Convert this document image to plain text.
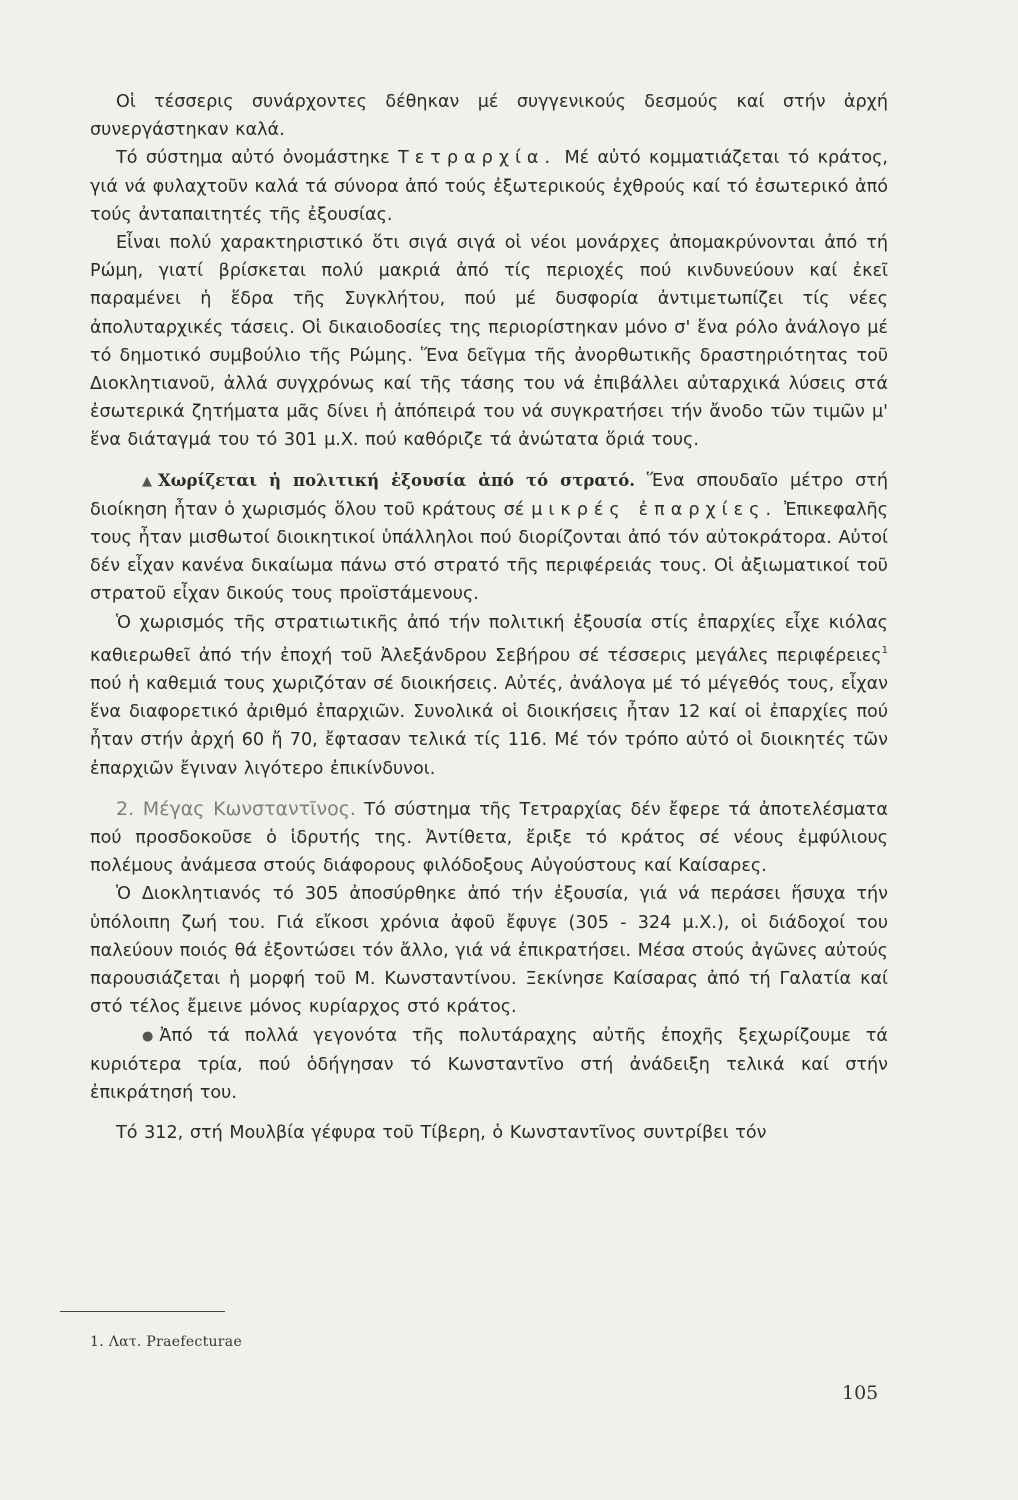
Οἱ τέσσερις συνάρχοντες δέθηκαν μέ συγγενικούς δεσμούς καί στήν ἀρχή συνεργάστηκαν καλά.

Τό σύστημα αὐτό ὀνομάστηκε Τετραρχία. Μέ αὐτό κομματιάζεται τό κράτος, γιά νά φυλαχτοῦν καλά τά σύνορα ἀπό τούς ἐξωτερικούς ἐχθρούς καί τό ἐσωτερικό ἀπό τούς ἀνταπαιτητές τῆς ἐξουσίας.

Εἶναι πολύ χαρακτηριστικό ὅτι σιγά σιγά οἱ νέοι μονάρχες ἀπομακρύνονται ἀπό τή Ρώμη, γιατί βρίσκεται πολύ μακριά ἀπό τίς περιοχές πού κινδυνεύουν καί ἐκεῖ παραμένει ἡ ἕδρα τῆς Συγκλήτου, πού μέ δυσφορία ἀντιμετωπίζει τίς νέες ἀπολυταρχικές τάσεις. Οἱ δικαιοδοσίες της περιορίστηκαν μόνο σ' ἕνα ρόλο ἀνάλογο μέ τό δημοτικό συμβούλιο τῆς Ρώμης. Ἕνα δεῖγμα τῆς ἀνορθωτικῆς δραστηριότητας τοῦ Διοκλητιανοῦ, ἀλλά συγχρόνως καί τῆς τάσης του νά ἐπιβάλλει αὐταρχικά λύσεις στά ἐσωτερικά ζητήματα μᾶς δίνει ἡ ἀπόπειρά του νά συγκρατήσει τήν ἄνοδο τῶν τιμῶν μ' ἕνα διάταγμά του τό 301 μ.Χ. πού καθόριζε τά ἀνώτατα ὅριά τους.

▲ Χωρίζεται ἡ πολιτική ἐξουσία ἀπό τό στρατό. Ἕνα σπουδαῖο μέτρο στή διοίκηση ἦταν ὁ χωρισμός ὅλου τοῦ κράτους σέ μικρές ἐπαρχίες. Ἐπικεφαλῆς τους ἦταν μισθωτοί διοικητικοί ὑπάλληλοι πού διορίζονται ἀπό τόν αὐτοκράτορα. Αὐτοί δέν εἶχαν κανένα δικαίωμα πάνω στό στρατό τῆς περιφέρειάς τους. Οἱ ἀξιωματικοί τοῦ στρατοῦ εἶχαν δικούς τους προϊστάμενους.

Ὁ χωρισμός τῆς στρατιωτικῆς ἀπό τήν πολιτική ἐξουσία στίς ἐπαρχίες εἶχε κιόλας καθιερωθεῖ ἀπό τήν ἐποχή τοῦ Ἀλεξάνδρου Σεβήρου σέ τέσσερις μεγάλες περιφέρειες$^1$ πού ἡ καθεμιά τους χωριζόταν σέ διοικήσεις. Αὐτές, ἀνάλογα μέ τό μέγεθός τους, εἶχαν ἕνα διαφορετικό ἀριθμό ἐπαρχιῶν. Συνολικά οἱ διοικήσεις ἦταν 12 καί οἱ ἐπαρχίες πού ἦταν στήν ἀρχή 60 ἤ 70, ἔφτασαν τελικά τίς 116. Μέ τόν τρόπο αὐτό οἱ διοικητές τῶν ἐπαρχιῶν ἔγιναν λιγότερο ἐπικίνδυνοι.

2. Μέγας Κωνσταντῖνος. Τό σύστημα τῆς Τετραρχίας δέν ἔφερε τά ἀποτελέσματα πού προσδοκοῦσε ὁ ἱδρυτής της. Ἀντίθετα, ἔριξε τό κράτος σέ νέους ἐμφύλιους πολέμους ἀνάμεσα στούς διάφορους φιλόδοξους Αὐγούστους καί Καίσαρες.

Ὁ Διοκλητιανός τό 305 ἀποσύρθηκε ἀπό τήν ἐξουσία, γιά νά περάσει ἥσυχα τήν ὑπόλοιπη ζωή του. Γιά εἴκοσι χρόνια ἀφοῦ ἔφυγε (305 - 324 μ.Χ.), οἱ διάδοχοί του παλεύουν ποιός θά ἐξοντώσει τόν ἄλλο, γιά νά ἐπικρατήσει. Μέσα στούς ἀγῶνες αὐτούς παρουσιάζεται ἡ μορφή τοῦ Μ. Κωνσταντίνου. Ξεκίνησε Καίσαρας ἀπό τή Γαλατία καί στό τέλος ἔμεινε μόνος κυρίαρχος στό κράτος.

● Ἀπό τά πολλά γεγονότα τῆς πολυτάραχης αὐτῆς ἐποχῆς ξεχωρίζουμε τά κυριότερα τρία, πού ὁδήγησαν τό Κωνσταντῖνο στή ἀνάδειξη τελικά καί στήν ἐπικράτησή του.

Τό 312, στή Μουλβία γέφυρα τοῦ Τίβερη, ὁ Κωνσταντῖνος συντρίβει τόν

1. Λατ. Praefecturae
105
